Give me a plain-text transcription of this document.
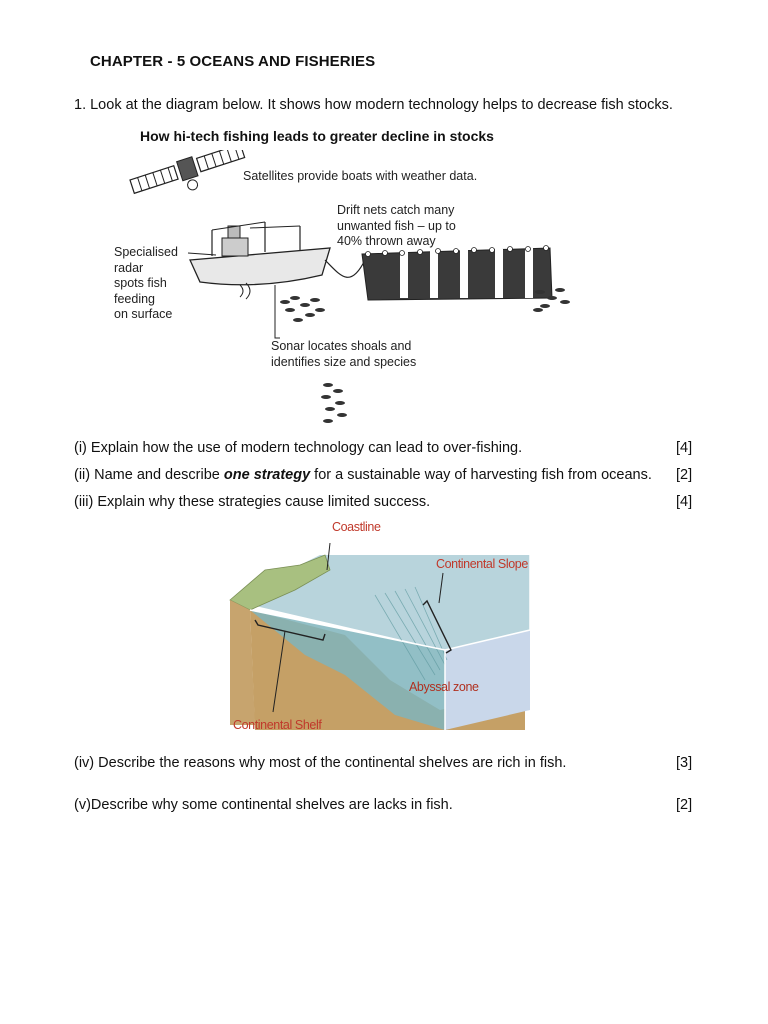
CHAPTER - 5 OCEANS AND FISHERIES
1. Look at the diagram below. It shows how modern technology helps to decrease fish stocks.
How hi-tech fishing leads to greater decline in stocks
Satellites provide boats with weather data.
Drift nets catch many
unwanted fish – up to
40% thrown away
Specialised
radar
spots fish
feeding
on surface
Sonar locates shoals and
identifies size and species
(i) Explain how the use of modern technology can lead to over-fishing.	[4]
(ii) Name and describe one strategy for a sustainable way of harvesting fish from oceans. [2]
(iii) Explain why these strategies cause limited success.	[4]
Coastline
Continental Slope
Abyssal zone
Continental Shelf
(iv) Describe the reasons why most of the continental shelves are rich in fish.	[3]
(v)Describe why some continental shelves are lacks in fish.	[2]
